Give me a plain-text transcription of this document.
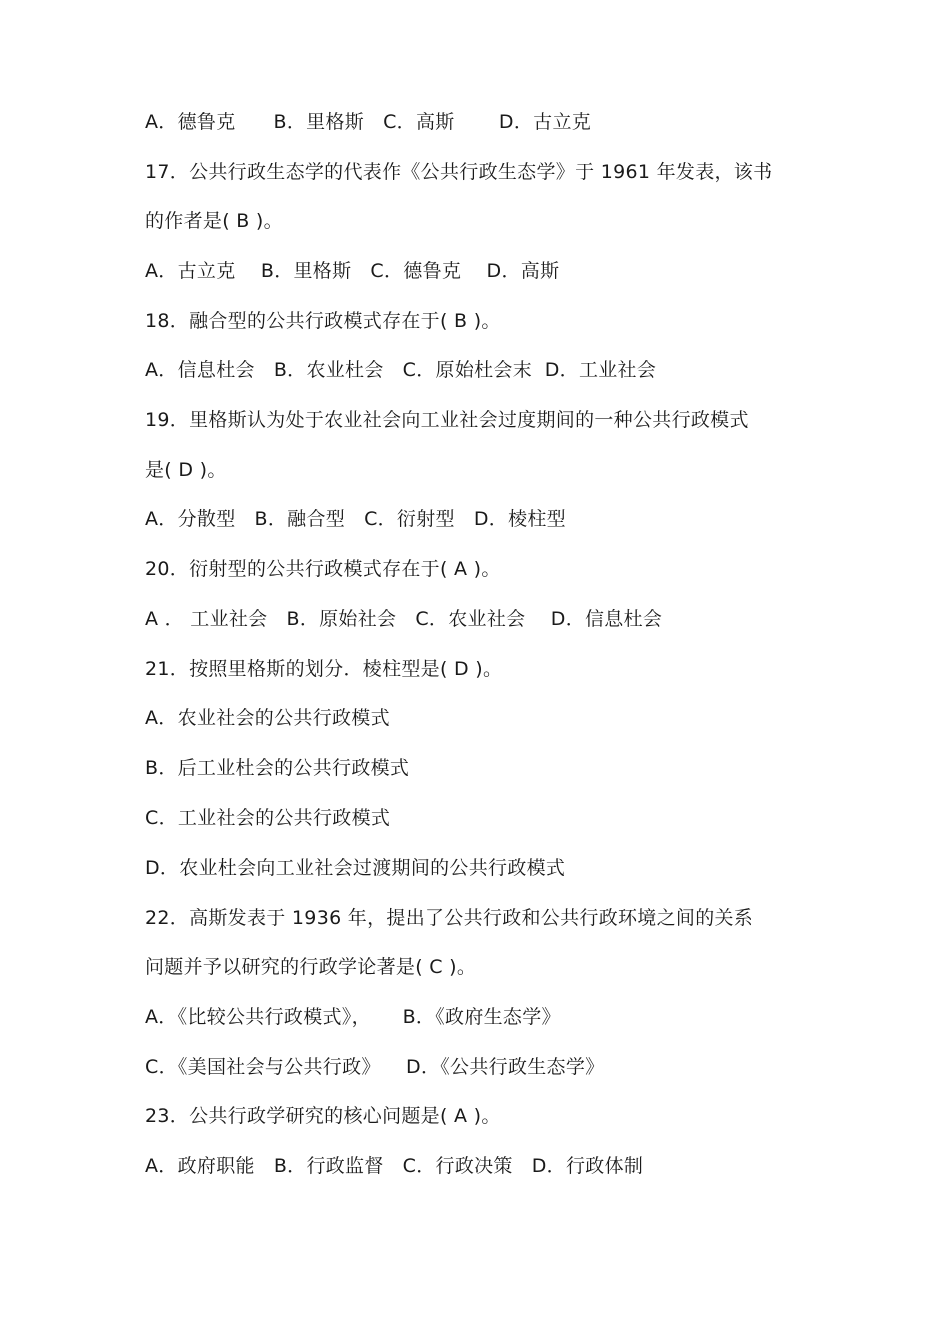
A．德鲁克      B．里格斯   C．高斯       D．古立克
17．公共行政生态学的代表作《公共行政生态学》于 1961 年发表，该书
的作者是( B )。
A．古立克    B．里格斯   C．德鲁克    D．高斯
18．融合型的公共行政模式存在于( B )。
A．信息杜会   B．农业杜会   C．原始杜会末  D．工业社会
19．里格斯认为处于农业社会向工业社会过度期间的一种公共行政模式
是( D )。
A．分散型   B．融合型   C．衍射型   D．棱柱型
20．衍射型的公共行政模式存在于( A )。
A ． 工业社会   B．原始社会   C．农业社会    D．信息杜会
21．按照里格斯的划分．棱柱型是( D )。
A．农业社会的公共行政模式
B．后工业杜会的公共行政模式
C．工业社会的公共行政模式
D．农业杜会向工业社会过渡期间的公共行政模式
22．高斯发表于 1936 年，提出了公共行政和公共行政环境之间的关系
问题并予以研究的行政学论著是( C )。
A．《比较公共行政模式》，     B．《政府生态学》
C．《美国社会与公共行政》    D．《公共行政生态学》
23．公共行政学研究的核心问题是( A )。
A．政府职能   B．行政监督   C．行政决策   D．行政体制
